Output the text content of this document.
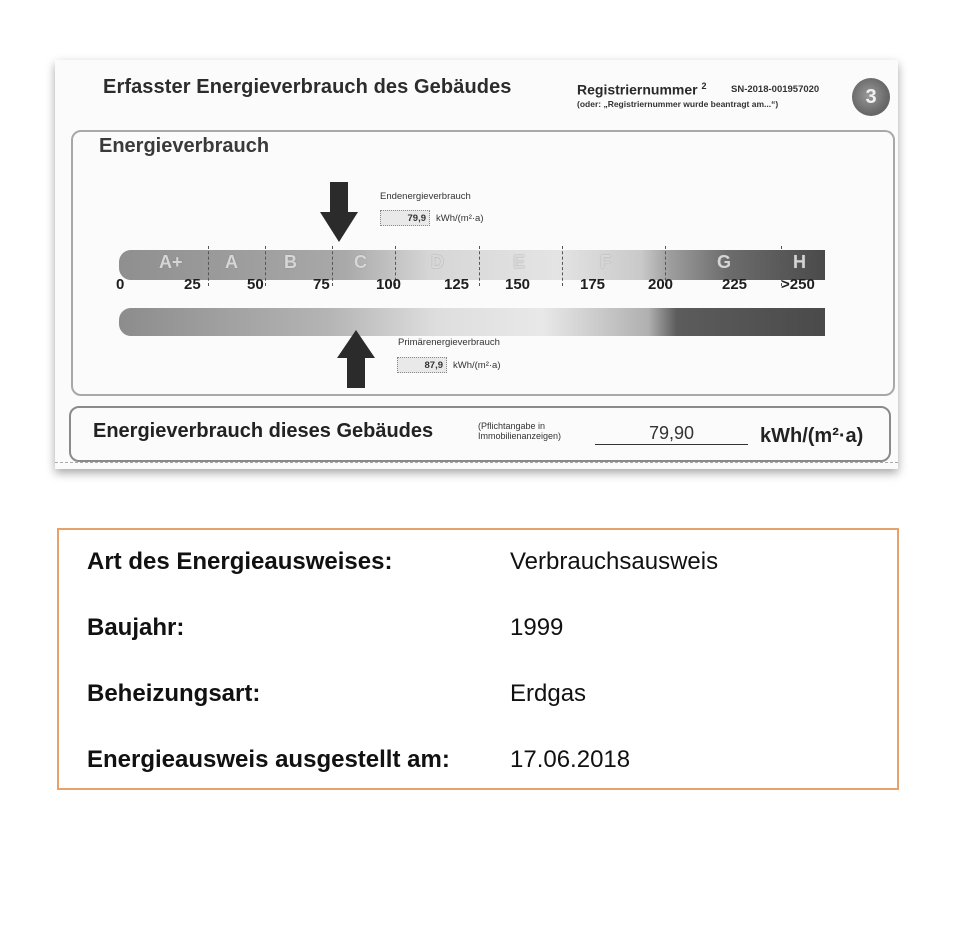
Erfasster Energieverbrauch des Gebäudes	Registriernummer $^2$	SN-2018-001957020
(oder: „Registriernummer wurde beantragt am...“)	3
Energieverbrauch
Endenergieverbrauch
79,9	kWh/(m²·a)
A+ A	B	C	D	E	F	G	H
0	25	50	75	100	125 150	175	200	225 >250
Primärenergieverbrauch
87,9	kWh/(m²·a)
Energieverbrauch dieses Gebäudes	(Pflichtangabe in
Immobilienanzeigen)	79,90	kWh/(m²·a)
Art des Energieausweises:	Verbrauchsausweis
Baujahr:	1999
Beheizungsart:	Erdgas
Energieausweis ausgestellt am:	17.06.2018
